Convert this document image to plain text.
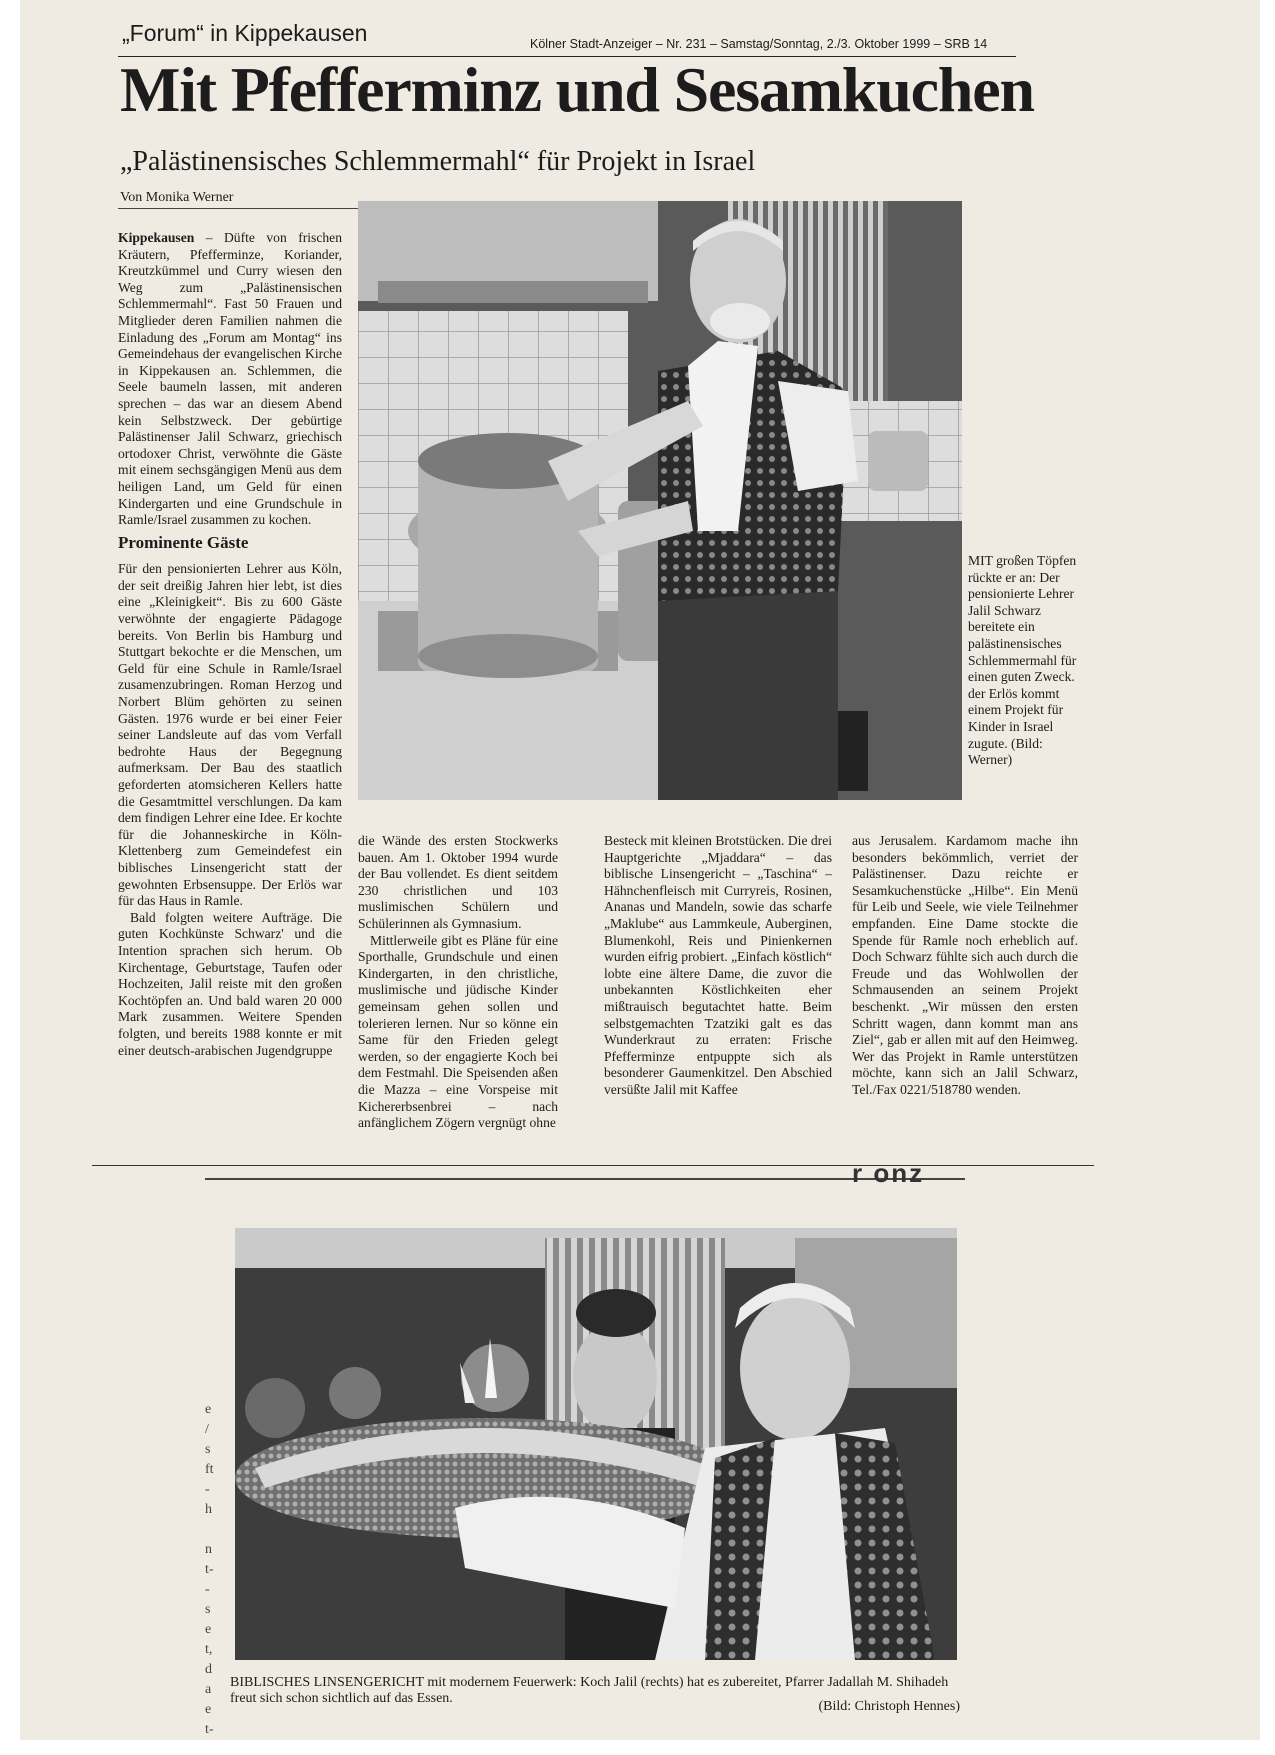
„Forum“ in Kippekausen	Kölner Stadt-Anzeiger – Nr. 231 – Samstag/Sonntag, 2./3. Oktober 1999 – SRB 14
Mit Pfefferminz und Sesamkuchen
„Palästinensisches Schlemmermahl“ für Projekt in Israel
Von Monika Werner

Kippekausen – Düfte von frischen Kräutern, Pfefferminze, Koriander, Kreutzkümmel und Curry wiesen den Weg zum „Palästinensischen Schlemmermahl“. Fast 50 Frauen und Mitglieder deren Familien nahmen die Einladung des „Forum am Montag“ ins Gemeindehaus der evangelischen Kirche in Kippekausen an. Schlemmen, die Seele baumeln lassen, mit anderen sprechen – das war an diesem Abend kein Selbstzweck. Der gebürtige Palästinenser Jalil Schwarz, griechisch ortodoxer Christ, verwöhnte die Gäste mit einem sechsgängigen Menü aus dem heiligen Land, um Geld für einen Kindergarten und eine Grundschule in Ramle/Israel zusammen zu kochen.

Prominente Gäste

Für den pensionierten Lehrer aus Köln, der seit dreißig Jahren hier lebt, ist dies eine „Kleinigkeit“. Bis zu 600 Gäste verwöhnte der engagierte Pädagoge bereits. Von Berlin bis Hamburg und Stuttgart bekochte er die Menschen, um Geld für eine Schule in Ramle/Israel zusamenzubringen. Roman Herzog und Norbert Blüm gehörten zu seinen Gästen. 1976 wurde er bei einer Feier seiner Landsleute auf das vom Verfall bedrohte Haus der Begegnung aufmerksam. Der Bau des staatlich geforderten atomsicheren Kellers hatte die Gesamtmittel verschlungen. Da kam dem findigen Lehrer eine Idee. Er kochte für die Johanneskirche in Köln-Klettenberg zum Gemeindefest ein biblisches Linsengericht statt der gewohnten Erbsensuppe. Der Erlös war für das Haus in Ramle.

Bald folgten weitere Aufträge. Die guten Kochkünste Schwarz' und die Intention sprachen sich herum. Ob Kirchentage, Geburtstage, Taufen oder Hochzeiten, Jalil reiste mit den großen Kochtöpfen an. Und bald waren 20 000 Mark zusammen. Weitere Spenden folgten, und bereits 1988 konnte er mit einer deutsch-arabischen Jugendgruppe

MIT großen Töpfen rückte er an: Der pensionierte Lehrer Jalil Schwarz bereitete ein palästinensisches Schlemmermahl für einen guten Zweck. der Erlös kommt einem Projekt für Kinder in Israel zugute. (Bild: Werner)

die Wände des ersten Stockwerks bauen. Am 1. Oktober 1994 wurde der Bau vollendet. Es dient seitdem 230 christlichen und 103 muslimischen Schülern und Schülerinnen als Gymnasium.

Mittlerweile gibt es Pläne für eine Sporthalle, Grundschule und einen Kindergarten, in den christliche, muslimische und jüdische Kinder gemeinsam gehen sollen und tolerieren lernen. Nur so könne ein Same für den Frieden gelegt werden, so der engagierte Koch bei dem Festmahl. Die Speisenden aßen die Mazza – eine Vorspeise mit Kichererbsenbrei – nach anfänglichem Zögern vergnügt ohne

Besteck mit kleinen Brotstücken. Die drei Hauptgerichte „Mjaddara“ – das biblische Linsengericht – „Taschina“ – Hähnchenfleisch mit Curryreis, Rosinen, Ananas und Mandeln, sowie das scharfe „Maklube“ aus Lammkeule, Auberginen, Blumenkohl, Reis und Pinienkernen wurden eifrig probiert. „Einfach köstlich“ lobte eine ältere Dame, die zuvor die unbekannten Köstlichkeiten eher mißtrauisch begutachtet hatte. Beim selbstgemachten Tzatziki galt es das Wunderkraut zu erraten: Frische Pfefferminze entpuppte sich als besonderer Gaumenkitzel. Den Abschied versüßte Jalil mit Kaffee

aus Jerusalem. Kardamom mache ihn besonders bekömmlich, verriet der Palästinenser. Dazu reichte er Sesamkuchenstücke „Hilbe“. Ein Menü für Leib und Seele, wie viele Teilnehmer empfanden. Eine Dame stockte die Spende für Ramle noch erheblich auf. Doch Schwarz fühlte sich auch durch die Freude und das Wohlwollen der Schmausenden an seinem Projekt beschenkt. „Wir müssen den ersten Schritt wagen, dann kommt man ans Ziel“, gab er allen mit auf den Heimweg. Wer das Projekt in Ramle unterstützen möchte, kann sich an Jalil Schwarz, Tel./Fax 0221/518780 wenden.

r onz
e
/
s
ft
-
h

n
t-
-
s
e
t,
d
a
e
t-
BIBLISCHES LINSENGERICHT mit modernem Feuerwerk: Koch Jalil (rechts) hat es zubereitet, Pfarrer Jadallah M. Shihadeh freut sich schon sichtlich auf das Essen.
(Bild: Christoph Hennes)
